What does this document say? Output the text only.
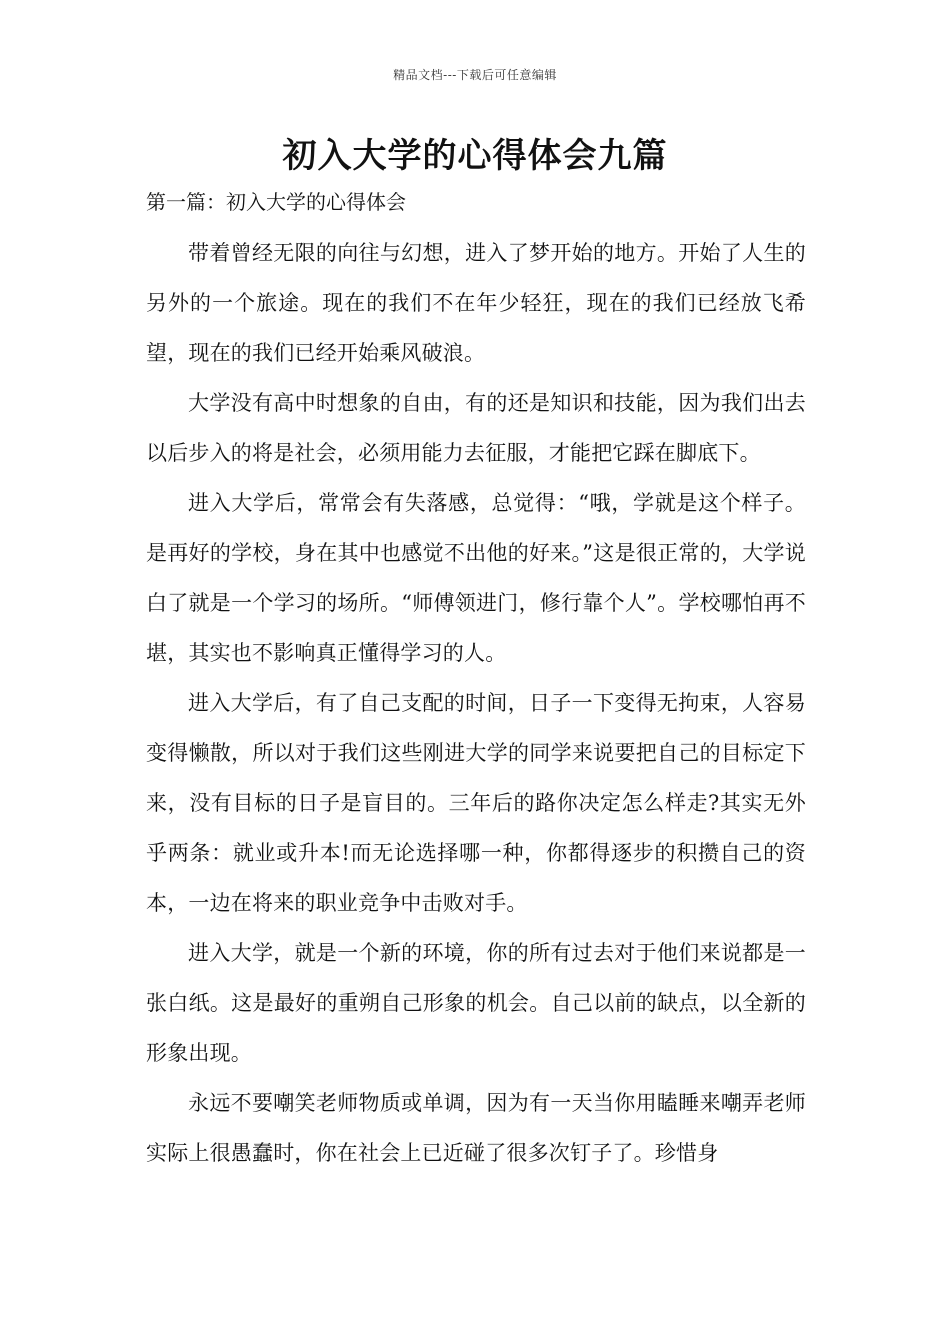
精品文档---下载后可任意编辑
初入大学的心得体会九篇
第一篇：初入大学的心得体会

带着曾经无限的向往与幻想，进入了梦开始的地方。开始了人生的另外的一个旅途。现在的我们不在年少轻狂，现在的我们已经放飞希望，现在的我们已经开始乘风破浪。

大学没有高中时想象的自由，有的还是知识和技能，因为我们出去以后步入的将是社会，必须用能力去征服，才能把它踩在脚底下。

进入大学后，常常会有失落感，总觉得：“哦，学就是这个样子。是再好的学校，身在其中也感觉不出他的好来。”这是很正常的，大学说白了就是一个学习的场所。“师傅领进门，修行靠个人”。学校哪怕再不堪，其实也不影响真正懂得学习的人。

进入大学后，有了自己支配的时间，日子一下变得无拘束，人容易变得懒散，所以对于我们这些刚进大学的同学来说要把自己的目标定下来，没有目标的日子是盲目的。三年后的路你决定怎么样走?其实无外乎两条：就业或升本!而无论选择哪一种，你都得逐步的积攒自己的资本，一边在将来的职业竞争中击败对手。

进入大学，就是一个新的环境，你的所有过去对于他们来说都是一张白纸。这是最好的重朔自己形象的机会。自己以前的缺点，以全新的形象出现。

永远不要嘲笑老师物质或单调，因为有一天当你用瞌睡来嘲弄老师实际上很愚蠢时，你在社会上已近碰了很多次钉子了。珍惜身
